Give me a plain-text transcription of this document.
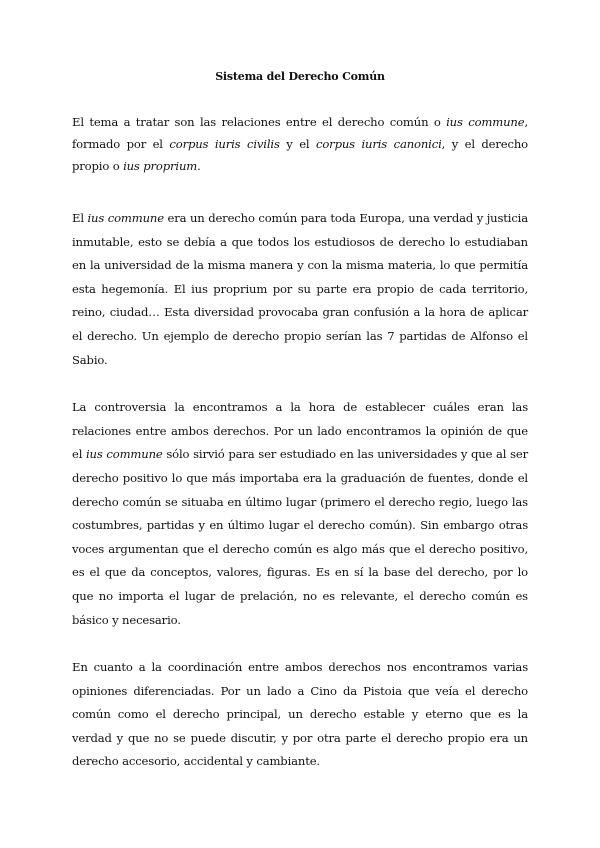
Sistema del Derecho Común

El tema a tratar son las relaciones entre el derecho común o ius commune, formado por el corpus iuris civilis y el corpus iuris canonici, y el derecho propio o ius proprium.

El ius commune era un derecho común para toda Europa, una verdad y justicia inmutable, esto se debía a que todos los estudiosos de derecho lo estudiaban en la universidad de la misma manera y con la misma materia, lo que permitía esta hegemonía. El ius proprium por su parte era propio de cada territorio, reino, ciudad… Esta diversidad provocaba gran confusión a la hora de aplicar el derecho. Un ejemplo de derecho propio serían las 7 partidas de Alfonso el Sabio.

La controversia la encontramos a la hora de establecer cuáles eran las relaciones entre ambos derechos. Por un lado encontramos la opinión de que el ius commune sólo sirvió para ser estudiado en las universidades y que al ser derecho positivo lo que más importaba era la graduación de fuentes, donde el derecho común se situaba en último lugar (primero el derecho regio, luego las costumbres, partidas y en último lugar el derecho común). Sin embargo otras voces argumentan que el derecho común es algo más que el derecho positivo, es el que da conceptos, valores, figuras. Es en sí la base del derecho, por lo que no importa el lugar de prelación, no es relevante, el derecho común es básico y necesario.

En cuanto a la coordinación entre ambos derechos nos encontramos varias opiniones diferenciadas. Por un lado a Cino da Pistoia que veía el derecho común como el derecho principal, un derecho estable y eterno que es la verdad y que no se puede discutir, y por otra parte el derecho propio era un derecho accesorio, accidental y cambiante.
